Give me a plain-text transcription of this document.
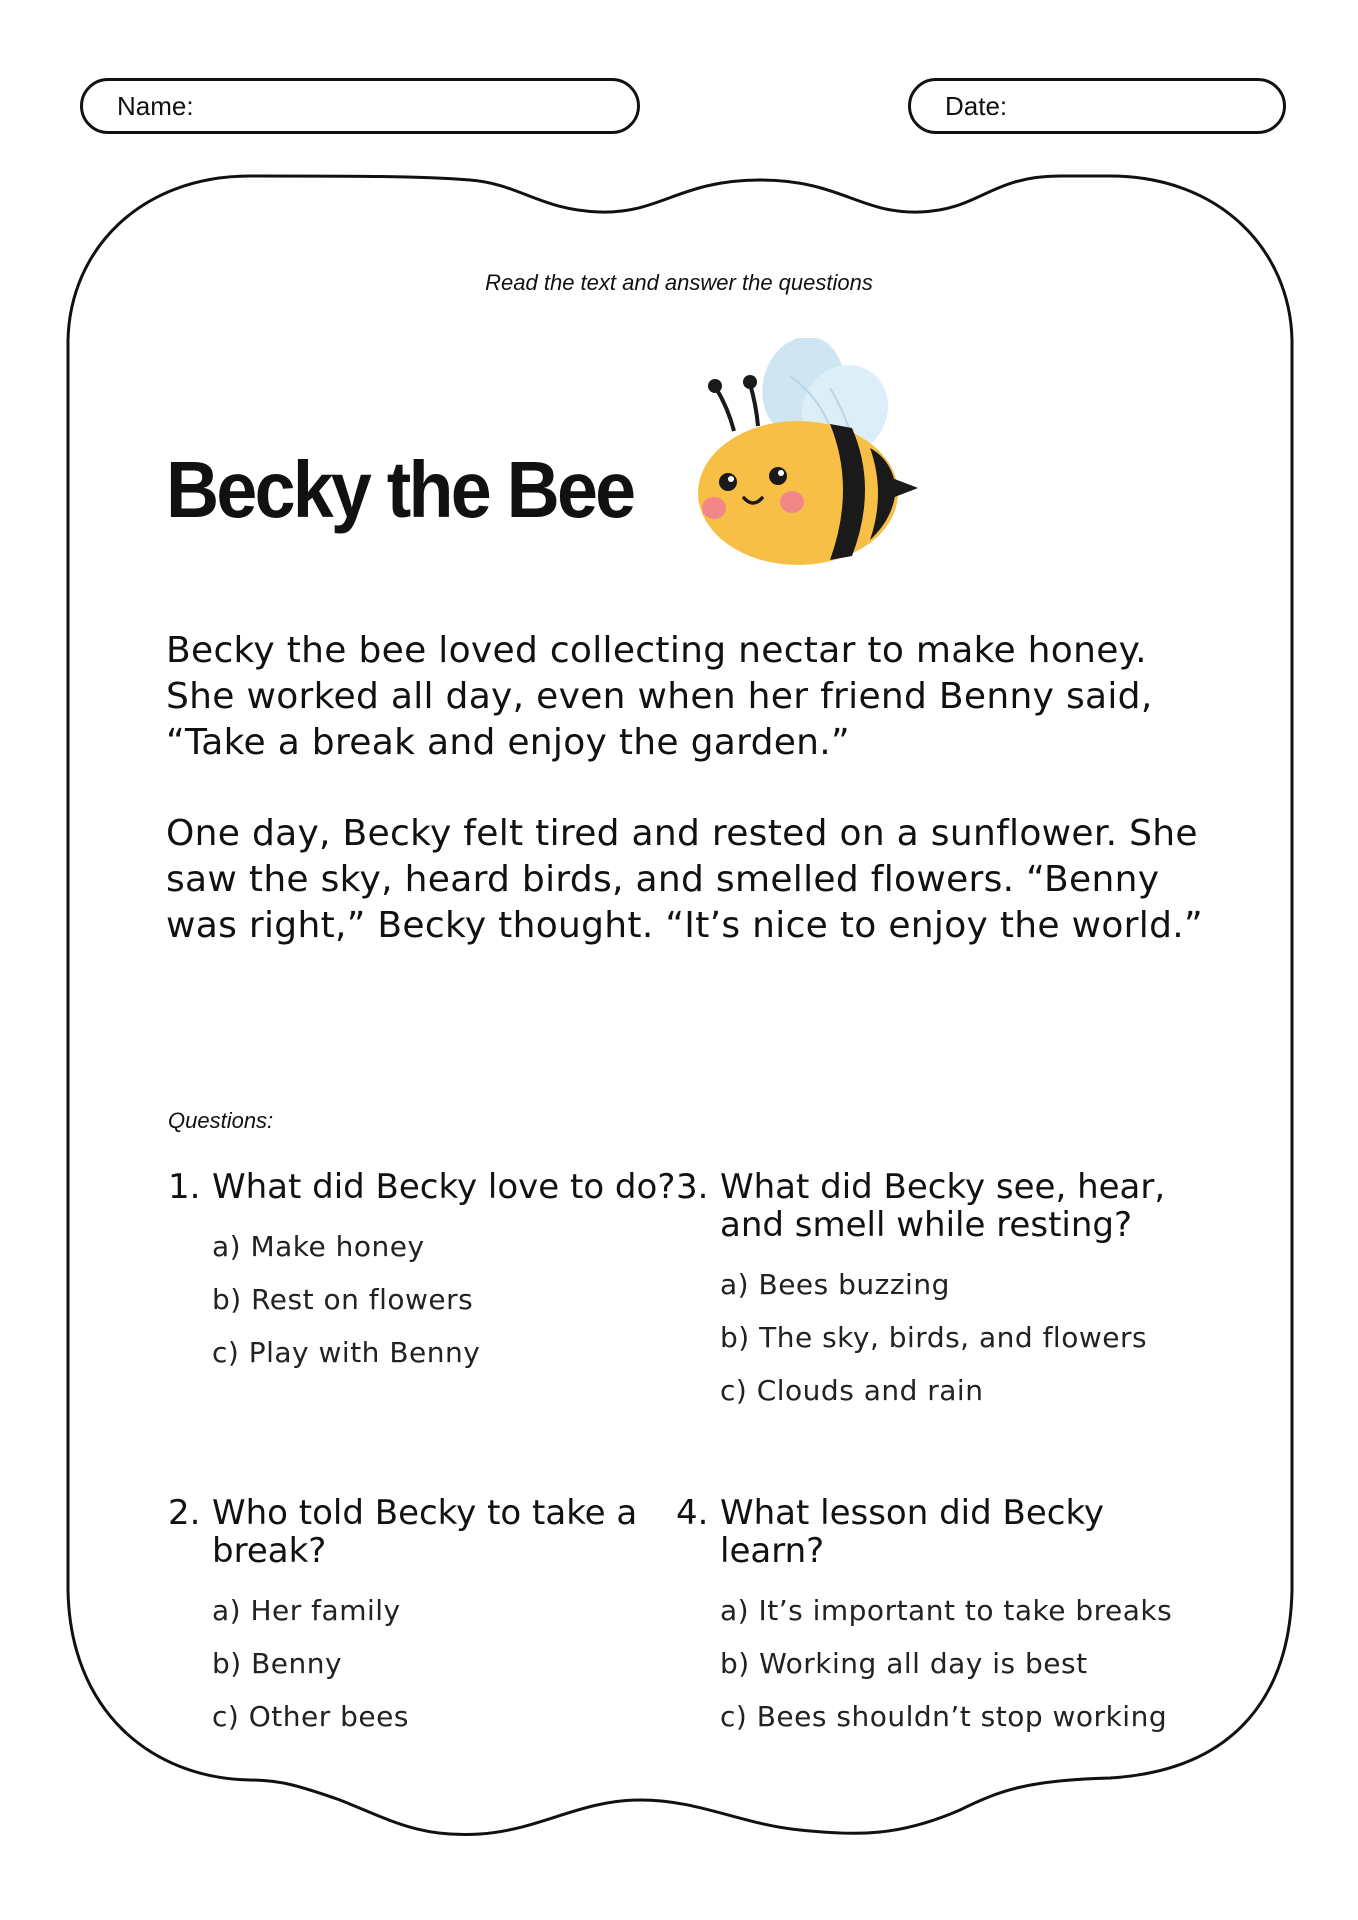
Name:	Date:
Read the text and answer the questions
Becky the Bee

Becky the bee loved collecting nectar to make honey. She worked all day, even when her friend Benny said, “Take a break and enjoy the garden.”

One day, Becky felt tired and rested on a sunflower. She saw the sky, heard birds, and smelled flowers. “Benny was right,” Becky thought. “It’s nice to enjoy the world.”

Questions:
1. What did Becky love to do?
a) Make honey
b) Rest on flowers
c) Play with Benny
2. Who told Becky to take a break?
a) Her family
b) Benny
c) Other bees
3. What did Becky see, hear, and smell while resting?
a) Bees buzzing
b) The sky, birds, and flowers
c) Clouds and rain
4. What lesson did Becky learn?
a) It’s important to take breaks
b) Working all day is best
c) Bees shouldn’t stop working
